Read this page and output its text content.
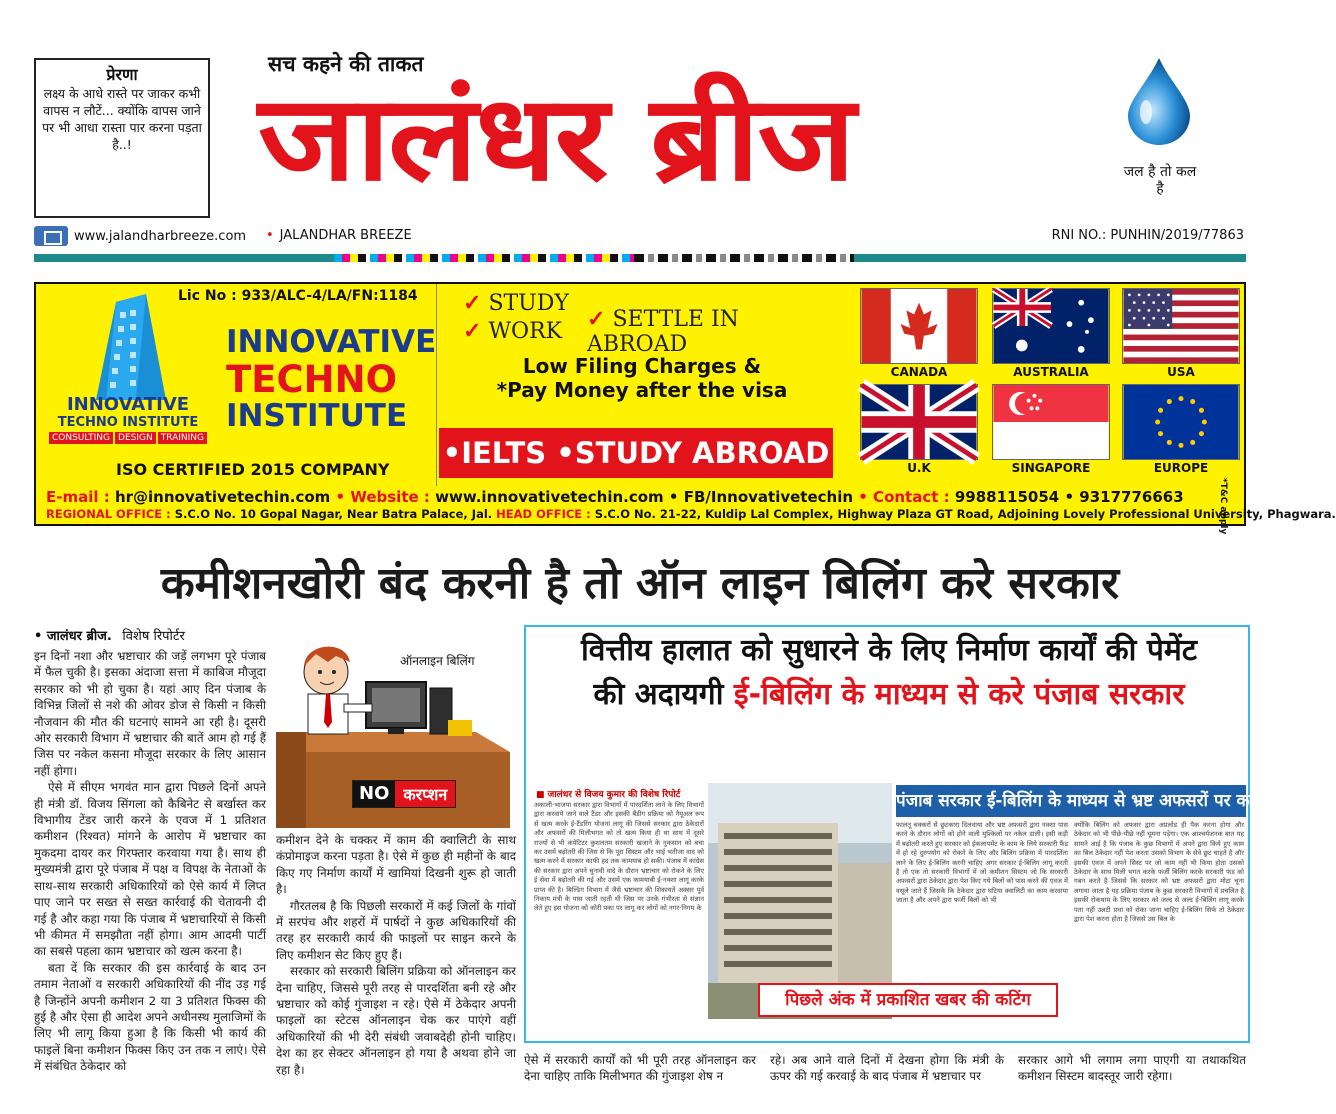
प्रेरणा
लक्ष्य के आधे रास्ते पर जाकर कभी वापस न लौटें... क्योंकि वापस जाने पर भी आधा रास्ता पार करना पड़ता है..!
सच कहने की ताकत
जालंधर ब्रीज	जल है तो कल है
www.jalandharbreeze.com
•	JALANDHAR BREEZE	RNI NO.: PUNHIN/2019/77863
INNOVATIVE
TECHNO INSTITUTE
CONSULTING DESIGN TRAINING
Lic No : 933/ALC-4/LA/FN:1184
INNOVATIVE
TECHNO
INSTITUTE
ISO CERTIFIED 2015 COMPANY
✓ STUDY
✓ WORK ✓ SETTLE IN ABROAD
Low Filing Charges &
*Pay Money after the visa
•IELTS •STUDY ABROAD
CANADA	AUSTRALIA	USA
U.K	SINGAPORE	EUROPE
E-mail : hr@innovativetechin.com • Website : www.innovativetechin.com • FB/Innovativetechin • Contact : 9988115054 • 9317776663
REGIONAL OFFICE : S.C.O No. 10 Gopal Nagar, Near Batra Palace, Jal. HEAD OFFICE : S.C.O No. 21-22, Kuldip Lal Complex, Highway Plaza GT Road, Adjoining Lovely Professional University, Phagwara.
*T&C apply
कमीशनखोरी बंद करनी है तो ऑन लाइन बिलिंग करे सरकार
• जालंधर ब्रीज. विशेष रिपोर्टर

इन दिनों नशा और भ्रष्टाचार की जड़ें लगभग पूरे पंजाब में फैल चुकी है। इसका अंदाजा सत्ता में काबिज मौजूदा सरकार को भी हो चुका है। यहां आए दिन पंजाब के विभिन्न जिलों से नशे की ओवर डोज से किसी न किसी नौजवान की मौत की घटनाएं सामने आ रही है। दूसरी ओर सरकारी विभाग में भ्रष्टाचार की बातें आम हो गई हैं जिस पर नकेल कसना मौजूदा सरकार के लिए आसान नहीं होगा।

ऐसे में सीएम भगवंत मान द्वारा पिछले दिनों अपने ही मंत्री डॉ. विजय सिंगला को कैबिनेट से बर्खास्त कर विभागीय टेंडर जारी करने के एवज में 1 प्रतिशत कमीशन (रिश्वत) मांगने के आरोप में भ्रष्टाचार का मुकदमा दायर कर गिरफ्तार करवाया गया है। साथ ही मुख्यमंत्री द्वारा पूरे पंजाब में पक्ष व विपक्ष के नेताओं के साथ-साथ सरकारी अधिकारियों को ऐसे कार्य में लिप्त पाए जाने पर सख्त से सख्त कार्रवाई की चेतावनी दी गई है और कहा गया कि पंजाब में भ्रष्टाचारियों से किसी भी कीमत में समझौता नहीं होगा। आम आदमी पार्टी का सबसे पहला काम भ्रष्टाचार को खत्म करना है।

बता दें कि सरकार की इस कार्रवाई के बाद उन तमाम नेताओं व सरकारी अधिकारियों की नींद उड़ गई है जिन्होंने अपनी कमीशन 2 या 3 प्रतिशत फिक्स की हुई है और ऐसा ही आदेश अपने अधीनस्थ मुलाजिमों के लिए भी लागू किया हुआ है कि किसी भी कार्य की फाइलें बिना कमीशन फिक्स किए उन तक न लाएं। ऐसे में संबंधित ठेकेदार को

ऑनलाइन बिलिंग
NO करप्शन

कमीशन देने के चक्कर में काम की क्वालिटी के साथ कंप्रोमाइज करना पड़ता है। ऐसे में कुछ ही महीनों के बाद किए गए निर्माण कार्यों में खामियां दिखनी शुरू हो जाती है।

गौरतलब है कि पिछली सरकारों में कई जिलों के गांवों में सरपंच और शहरों में पार्षदों ने कुछ अधिकारियों की तरह हर सरकारी कार्य की फाइलों पर साइन करने के लिए कमीशन सेट किए हुए हैं।

सरकार को सरकारी बिलिंग प्रक्रिया को ऑनलाइन कर देना चाहिए, जिससे पूरी तरह से पारदर्शिता बनी रहे और भ्रष्टाचार को कोई गुंजाइश न रहे। ऐसे में ठेकेदार अपनी फाइलों का स्टेटस ऑनलाइन चेक कर पाएंगे वहीं अधिकारियों की भी देरी संबंधी जवाबदेही होनी चाहिए। देश का हर सेक्टर ऑनलाइन हो गया है अथवा होने जा रहा है।

वित्तीय हालात को सुधारने के लिए निर्माण कार्यों की पेमेंट
की अदायगी ई-बिलिंग के माध्यम से करे पंजाब सरकार
■ जालंधर से विजय कुमार की विशेष रिपोर्ट
अकाली-भाजपा सरकार द्वारा विभागों में पारदर्शिता लाने के लिए विभागों द्वारा करवाये जाने वाले टैंडर और इसकी बैंडीग प्रक्रिया को नैयूअल रूप से खत्म करके ई-टैंडरिंग योजना लागू की जिससे सरकार द्वारा ठेकेदारों और अफसरों की मिलीभगत को तो खत्म किया ही था साथ में दूसरे राज्यों से भी कंपेटिटर कुशलतम सरकारी खजाने के नुकसान को बचा कर उसमें बढ़ोतरी की जिस से कि पूरा सिस्टम और भाई भतीजा वाद को खत्म करने में सरकार काफी हद तक कामयाब हो सकी। पंजाब में कांग्रेस की सरकार द्वारा अपने चुनावी वादे के दौरान भ्रष्टाचार को रोकने के लिए ई सेवा में बढ़ोतरी की गई और उसमें एक कामयाबी ई-नक्शा लागू करके प्राप्त की है। बिल्डिंग विभाग में जैसे भ्रष्टाचार की शिकायतें अक्सर पूर्व निकाय मंत्री के पास जाती रहती थी जिस पर उनके गंभीरता से संज्ञान लेते हुए इस योजना को कोरी पका पर लागू कर लोगों को नगर-निगम के
पंजाब सरकार ई-बिलिंग के माध्यम से भ्रष्ट अफसरों पर कसे शिकंजा
फालतू चक्करों से छुटकारा दिलवाया और भ्रष्ट अफसरों द्वारा नक्शा पास करने के दौरान लोगों को होने वाली मुश्किलों पर नकेल डाली। इसी कड़ी में बढ़ोतरी करते हुए सरकार को ईकलापमेंट के काम के लिये सरकारी फैंड में हो रहे दुरुपयोग को रोकने के लिए और बिलिंग प्रक्रिया में पारदर्शिता लाने के लिए ई-बिलिंग करनी चाहिए अगर सरकार ई-बिलिंग लागू करती है तो एक तो सरकारी विभागों में जो कमीशन सिस्टम जो कि सरकारी अफसरों द्वारा ठेकेदार द्वारा पेश किए गये बिलों को पास करने की एवज में वसूले जाते हैं जिसके कि ठेकेदार द्वारा घटिया क्वालिटी का काम करवाया जाता है और अपने द्वारा फर्जी बिलों को भी
क्योंकि बिलिंग को अफसर द्वारा अप्रलोड ही पैक करना होगा और ठेकेदार को भी पीछे-पीछे नहीं घूमना पड़ेगा। एक आश्चर्यजनक बात यह सामने आई है कि पंजाब के कुछ विभागों में अपने द्वारा किये हुए काम का बिल ठेकेदार नहीं पेश करता उसको विभाग के सेवे छुट चाहते है और इसकी एवज में अपने सिस्ट पर जो काम नहीं भी किया होता उसको ठेकेदार के साथ मिली भगत करके फर्जी बिलिंग करके सरकारी फंड को गबन करते है जिससे कि सरकार को भ्रष्ट अफसरों द्वारा मोटा चूना लगाया जाता है यह प्रक्रिया पंजाब के कुछ सरकारी विभागों में प्रचलित है इसकी रोकथाम के लिए सरकार को जल्द से जल्द ई-बिलिंग लागू करके पता नहीं उलटी प्रथा को रोका जाना चाहिए ई-बिलिंग सिर्फ तो ठेकेदार द्वारा पेश करना होता है जिससे उस बिल के
पिछले अंक में प्रकाशित खबर की कटिंग
ऐसे में सरकारी कार्यों को भी पूरी तरह ऑनलाइन कर देना चाहिए ताकि मिलीभगत की गुंजाइश शेष न
रहे। अब आने वाले दिनों में देखना होगा कि मंत्री के ऊपर की गई करवाई के बाद पंजाब में भ्रष्टाचार पर
सरकार आगे भी लगाम लगा पाएगी या तथाकथित कमीशन सिस्टम बादस्तूर जारी रहेगा।
